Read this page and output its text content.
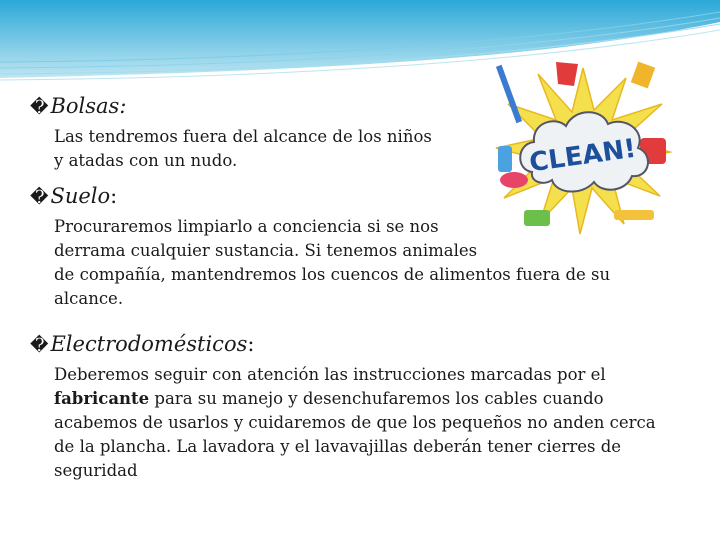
CLEAN!
�Bolsas:
Las tendremos fuera del alcance de los niños
y atadas con un nudo.
�Suelo:
Procuraremos limpiarlo a conciencia si se nos
derrama cualquier sustancia. Si tenemos animales
de compañía, mantendremos los cuencos de alimentos fuera de su
alcance.
�Electrodomésticos:
Deberemos seguir con atención las instrucciones marcadas por el
fabricante para su manejo y desenchufaremos los cables cuando
acabemos de usarlos y cuidaremos de que los pequeños no anden cerca
de la plancha. La lavadora y el lavavajillas deberán tener cierres de
seguridad
